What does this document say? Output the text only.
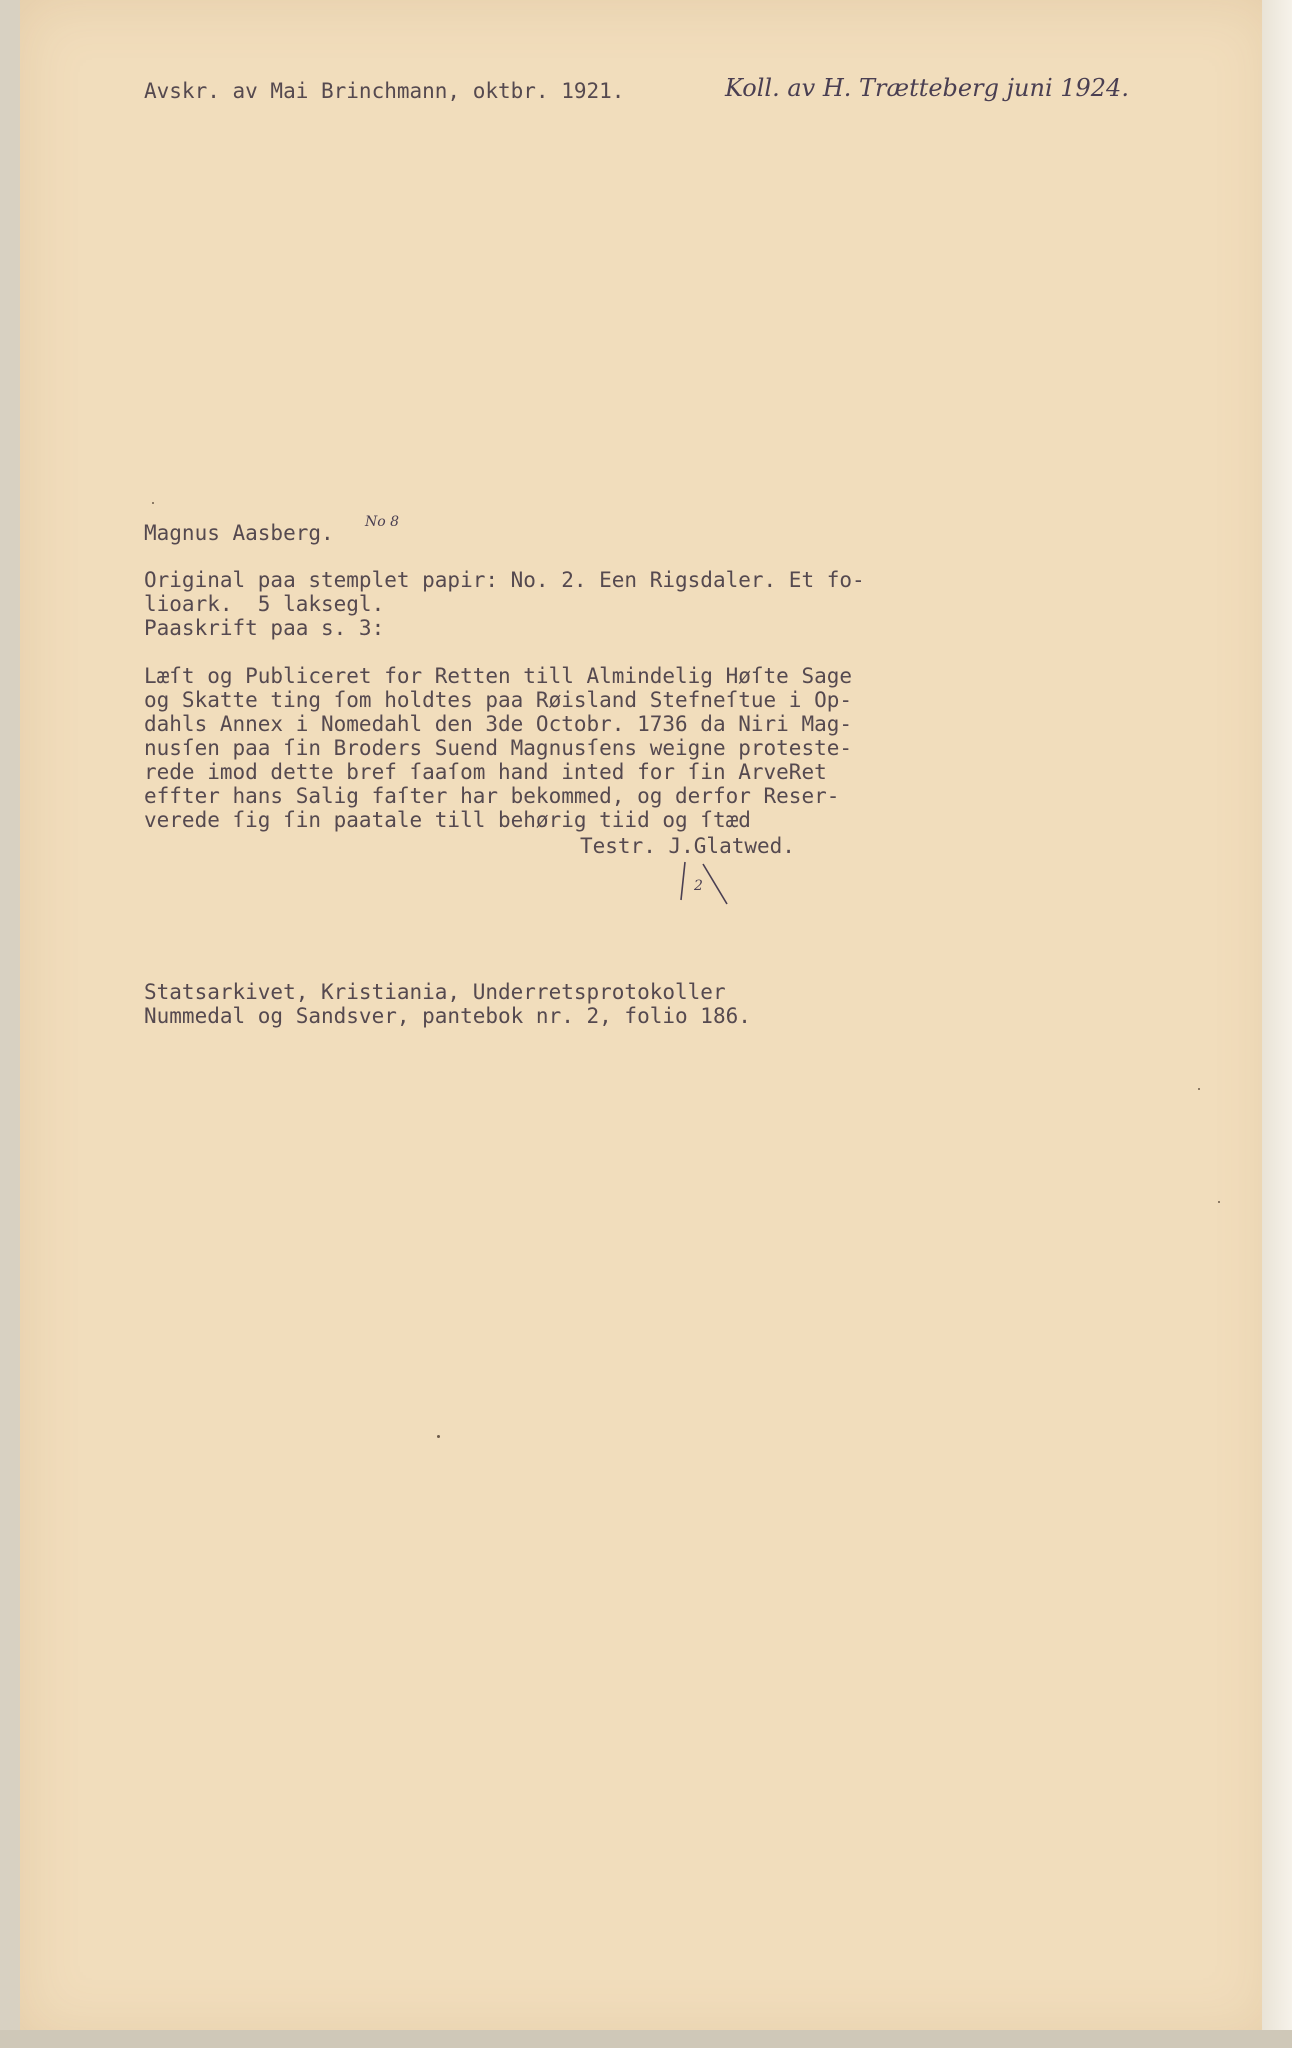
Avskr. av Mai Brinchmann, oktbr. 1921.	Koll. av H. Trætteberg juni 1924.

Magnus Aasberg. No 8

Original paa stemplet papir: No. 2. Een Rigsdaler. Et fo-

lioark.  5 laksegl.

Paaskrift paa s. 3:

Læſt og Publiceret for Retten till Almindelig Høſte Sage

og Skatte ting ſom holdtes paa Røisland Stefneſtue i Op-

dahls Annex i Nomedahl den 3de Octobr. 1736 da Niri Mag-

nusſen paa ſin Broders Suend Magnusſens weigne proteste-

rede imod dette bref ſaaſom hand inted for ſin ArveRet

effter hans Salig faſter har bekommed, og derfor Reser-

verede ſig ſin paatale till behørig tiid og ſtæd

Testr. J.Glatwed.

2

Statsarkivet, Kristiania, Underretsprotokoller

Nummedal og Sandsver, pantebok nr. 2, folio 186.
